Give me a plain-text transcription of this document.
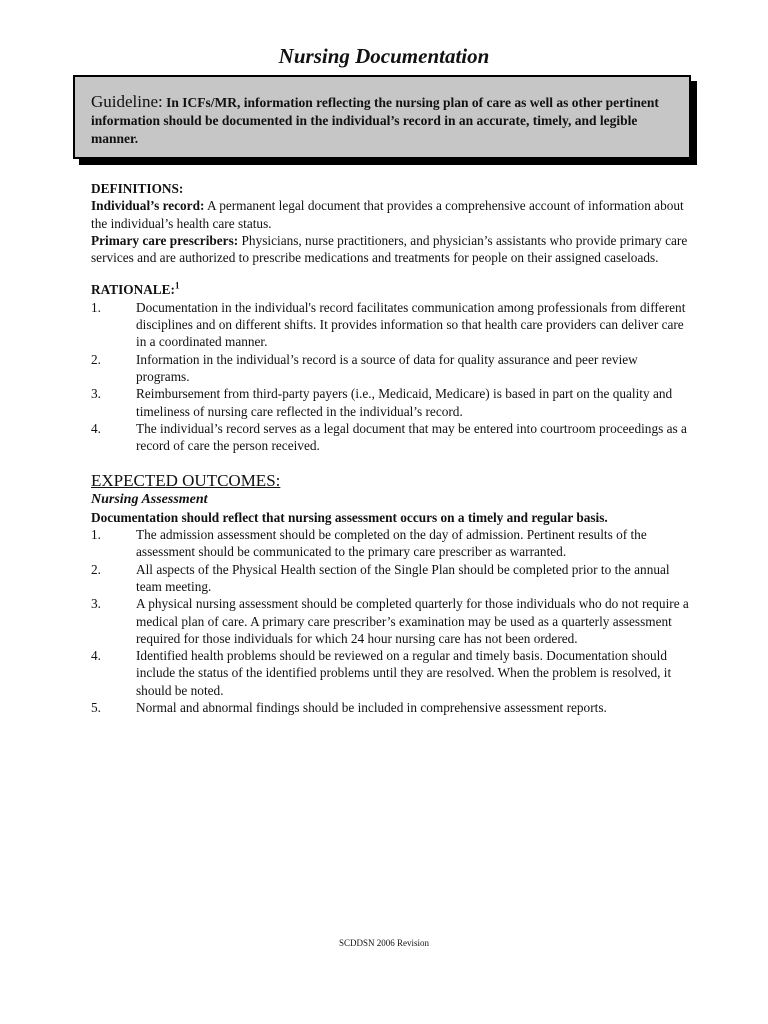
Nursing Documentation
Guideline: In ICFs/MR, information reflecting the nursing plan of care as well as other pertinent information should be documented in the individual’s record in an accurate, timely, and legible manner.
DEFINITIONS:
Individual’s record: A permanent legal document that provides a comprehensive account of information about the individual’s health care status.
Primary care prescribers: Physicians, nurse practitioners, and physician’s assistants who provide primary care services and are authorized to prescribe medications and treatments for people on their assigned caseloads.
RATIONALE:$^1$
1.	Documentation in the individual's record facilitates communication among professionals from different disciplines and on different shifts. It provides information so that health care providers can deliver care in a coordinated manner.
2.	Information in the individual’s record is a source of data for quality assurance and peer review programs.
3.	Reimbursement from third-party payers (i.e., Medicaid, Medicare) is based in part on the quality and timeliness of nursing care reflected in the individual’s record.
4.	The individual’s record serves as a legal document that may be entered into courtroom proceedings as a record of care the person received.
EXPECTED OUTCOMES:
Nursing Assessment
Documentation should reflect that nursing assessment occurs on a timely and regular basis.
1.	The admission assessment should be completed on the day of admission. Pertinent results of the assessment should be communicated to the primary care prescriber as warranted.
2.	All aspects of the Physical Health section of the Single Plan should be completed prior to the annual team meeting.
3.	A physical nursing assessment should be completed quarterly for those individuals who do not require a medical plan of care. A primary care prescriber’s examination may be used as a quarterly assessment required for those individuals for which 24 hour nursing care has not been ordered.
4.	Identified health problems should be reviewed on a regular and timely basis. Documentation should include the status of the identified problems until they are resolved. When the problem is resolved, it should be noted.
5.	Normal and abnormal findings should be included in comprehensive assessment reports.
SCDDSN 2006 Revision
